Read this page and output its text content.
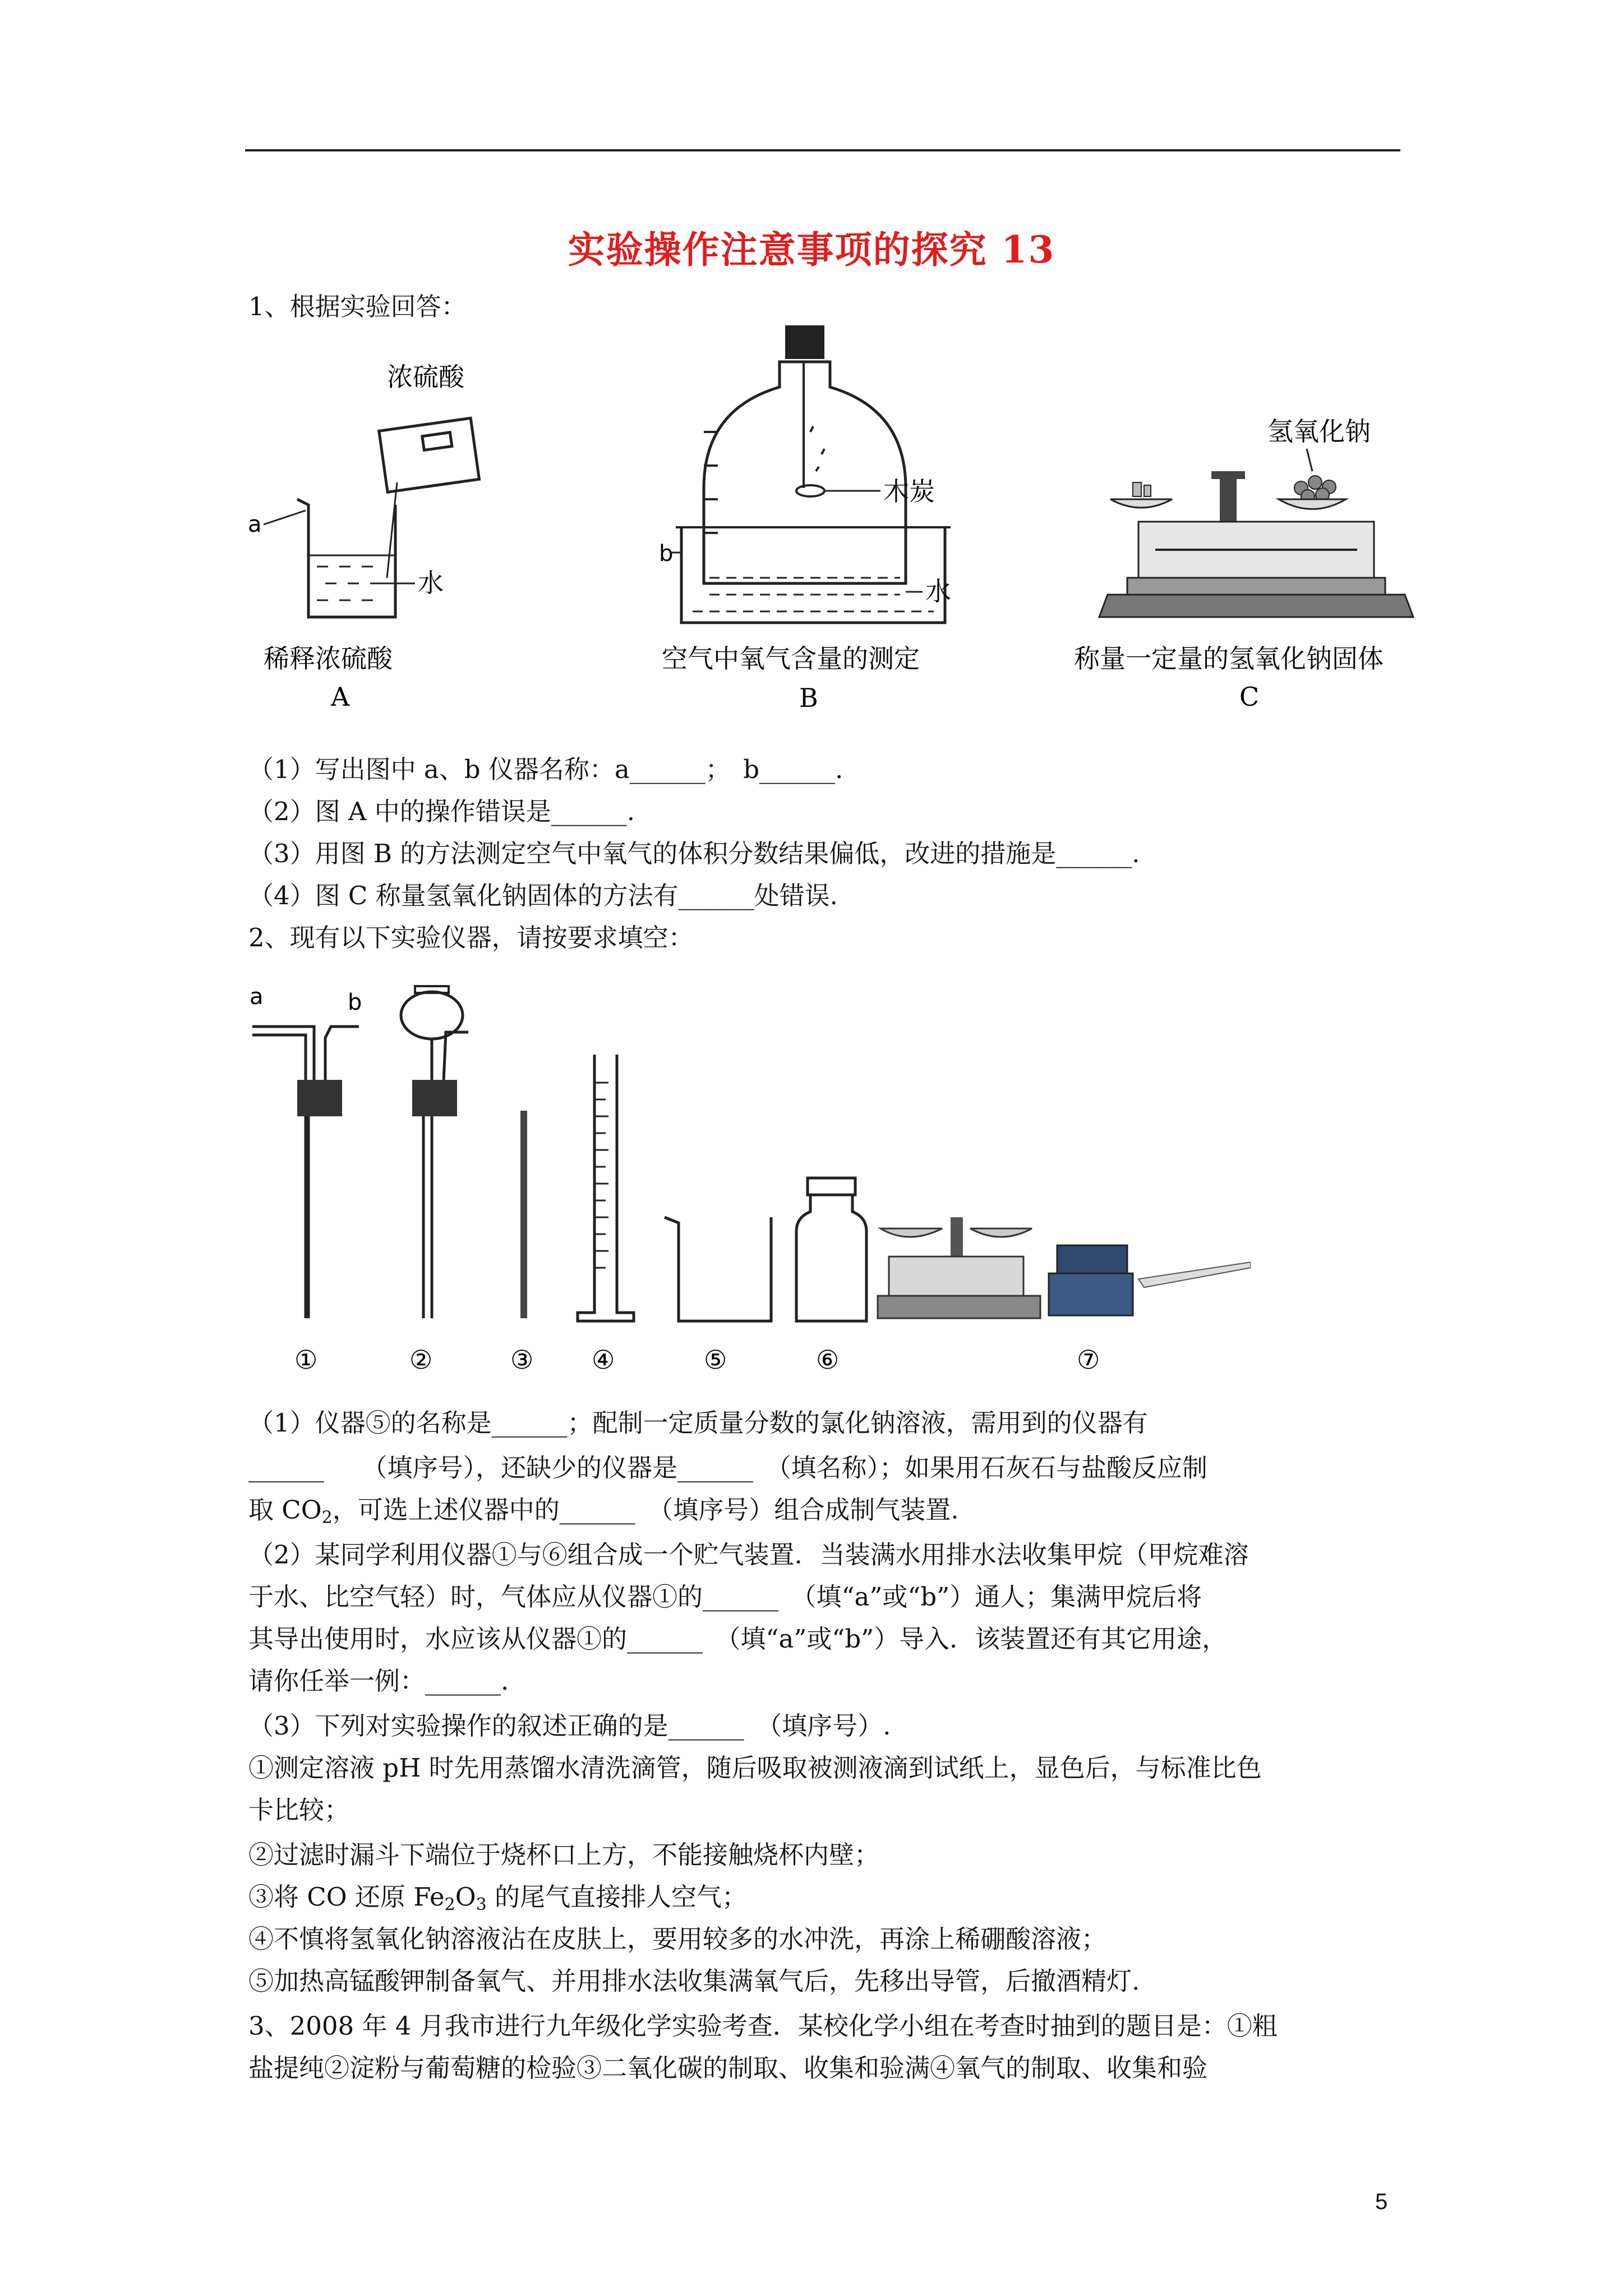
实验操作注意事项的探究 13
1、根据实验回答：
浓硫酸
a
水
稀释浓硫酸
A
木炭
b
水
空气中氧气含量的测定
B
氢氧化钠
称量一定量的氢氧化钠固体
C
（1）写出图中 a、b 仪器名称：a______；　b______.
（2）图 A 中的操作错误是______.
（3）用图 B 的方法测定空气中氧气的体积分数结果偏低，改进的措施是______.
（4）图 C 称量氢氧化钠固体的方法有______处错误.
2、现有以下实验仪器，请按要求填空：
a	b
①	②	③ ④	⑤	⑥	⑦
（1）仪器⑤的名称是______；配制一定质量分数的氯化钠溶液，需用到的仪器有
______　　（填序号），还缺少的仪器是______　（填名称）；如果用石灰石与盐酸反应制
取 $CO_2$，可选上述仪器中的______　（填序号）组合成制气装置.
（2）某同学利用仪器①与⑥组合成一个贮气装置．当装满水用排水法收集甲烷（甲烷难溶
于水、比空气轻）时，气体应从仪器①的______　（填“a”或“b”）通人；集满甲烷后将
其导出使用时，水应该从仪器①的______　（填“a”或“b”）导入．该装置还有其它用途，
请你任举一例：______.
（3）下列对实验操作的叙述正确的是______　（填序号）.
①测定溶液 pH 时先用蒸馏水清洗滴管，随后吸取被测液滴到试纸上，显色后，与标准比色
卡比较；
②过滤时漏斗下端位于烧杯口上方，不能接触烧杯内壁；
③将 CO 还原 $Fe_2O_3$ 的尾气直接排人空气；
④不慎将氢氧化钠溶液沾在皮肤上，要用较多的水冲洗，再涂上稀硼酸溶液；
⑤加热高锰酸钾制备氧气、并用排水法收集满氧气后，先移出导管，后撤酒精灯.
3、2008 年 4 月我市进行九年级化学实验考查．某校化学小组在考查时抽到的题目是：①粗
盐提纯②淀粉与葡萄糖的检验③二氧化碳的制取、收集和验满④氧气的制取、收集和验
5
